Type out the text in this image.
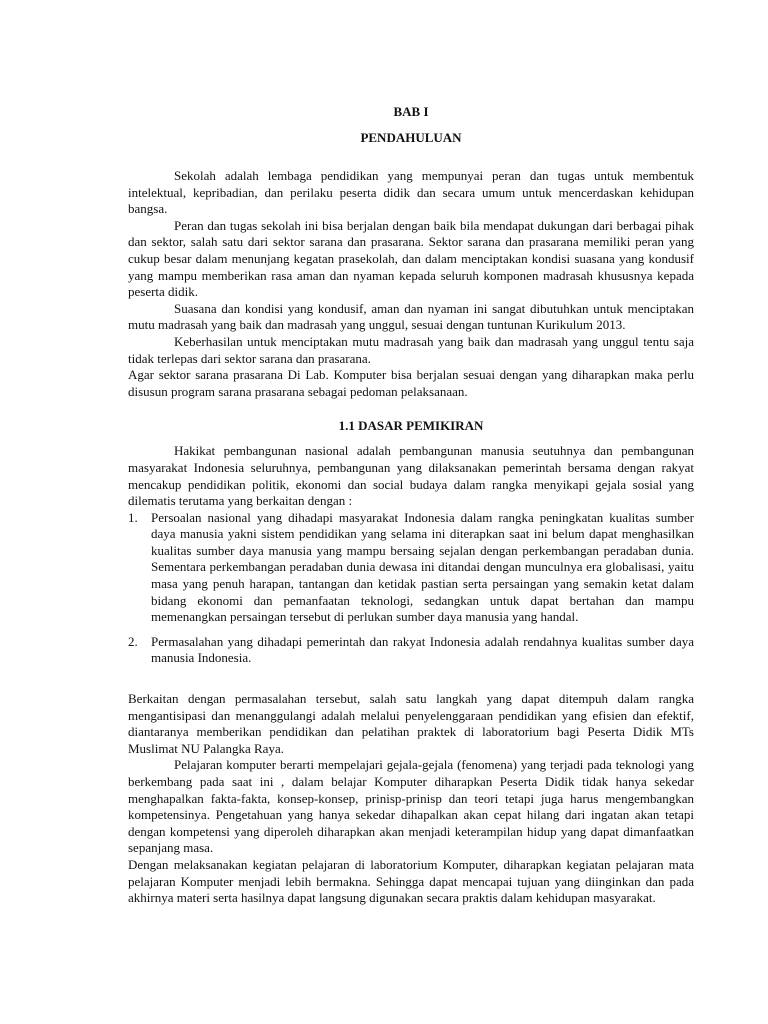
BAB I
PENDAHULUAN

Sekolah adalah lembaga pendidikan yang mempunyai peran dan tugas untuk membentuk intelektual, kepribadian, dan perilaku peserta didik dan secara umum untuk mencerdaskan kehidupan bangsa.

Peran dan tugas sekolah ini bisa berjalan dengan baik bila mendapat dukungan dari berbagai pihak dan sektor, salah satu dari sektor sarana dan prasarana. Sektor sarana dan prasarana memiliki peran yang cukup besar dalam menunjang kegatan prasekolah, dan dalam menciptakan kondisi suasana yang kondusif yang mampu memberikan rasa aman dan nyaman kepada seluruh komponen madrasah khususnya kepada peserta didik.

Suasana dan kondisi yang kondusif, aman dan nyaman ini sangat dibutuhkan untuk menciptakan mutu madrasah yang baik dan madrasah yang unggul, sesuai dengan tuntunan Kurikulum 2013.

Keberhasilan untuk menciptakan mutu madrasah yang baik dan madrasah yang unggul tentu saja tidak terlepas dari sektor sarana dan prasarana.

Agar sektor sarana prasarana Di Lab. Komputer bisa berjalan sesuai dengan yang diharapkan maka perlu disusun program sarana prasarana sebagai pedoman pelaksanaan.

1.1 DASAR PEMIKIRAN

Hakikat pembangunan nasional adalah pembangunan manusia seutuhnya dan pembangunan masyarakat Indonesia seluruhnya, pembangunan yang dilaksanakan pemerintah bersama dengan rakyat mencakup pendidikan politik, ekonomi dan social budaya dalam rangka menyikapi gejala sosial yang dilematis terutama yang berkaitan dengan :

1. Persoalan nasional yang dihadapi masyarakat Indonesia dalam rangka peningkatan kualitas sumber daya manusia yakni sistem pendidikan yang selama ini diterapkan saat ini belum dapat menghasilkan kualitas sumber daya manusia yang mampu bersaing sejalan dengan perkembangan peradaban dunia. Sementara perkembangan peradaban dunia dewasa ini ditandai dengan munculnya era globalisasi, yaitu masa yang penuh harapan, tantangan dan ketidak pastian serta persaingan yang semakin ketat dalam bidang ekonomi dan pemanfaatan teknologi, sedangkan untuk dapat bertahan dan mampu memenangkan persaingan tersebut di perlukan sumber daya manusia yang handal.
2. Permasalahan yang dihadapi pemerintah dan rakyat Indonesia adalah rendahnya kualitas sumber daya manusia Indonesia.

Berkaitan dengan permasalahan tersebut, salah satu langkah yang dapat ditempuh dalam rangka mengantisipasi dan menanggulangi adalah melalui penyelenggaraan pendidikan yang efisien dan efektif, diantaranya memberikan pendidikan dan pelatihan praktek di laboratorium bagi Peserta Didik MTs Muslimat NU Palangka Raya.

Pelajaran komputer berarti mempelajari gejala-gejala (fenomena) yang terjadi pada teknologi yang berkembang pada saat ini , dalam belajar Komputer diharapkan Peserta Didik tidak hanya sekedar menghapalkan fakta-fakta, konsep-konsep, prinisp-prinisp dan teori tetapi juga harus mengembangkan kompetensinya. Pengetahuan yang hanya sekedar dihapalkan akan cepat hilang dari ingatan akan tetapi dengan kompetensi yang diperoleh diharapkan akan menjadi keterampilan hidup yang dapat dimanfaatkan sepanjang masa.

Dengan melaksanakan kegiatan pelajaran di laboratorium Komputer, diharapkan kegiatan pelajaran mata pelajaran Komputer menjadi lebih bermakna. Sehingga dapat mencapai tujuan yang diinginkan dan pada akhirnya materi serta hasilnya dapat langsung digunakan secara praktis dalam kehidupan masyarakat.
